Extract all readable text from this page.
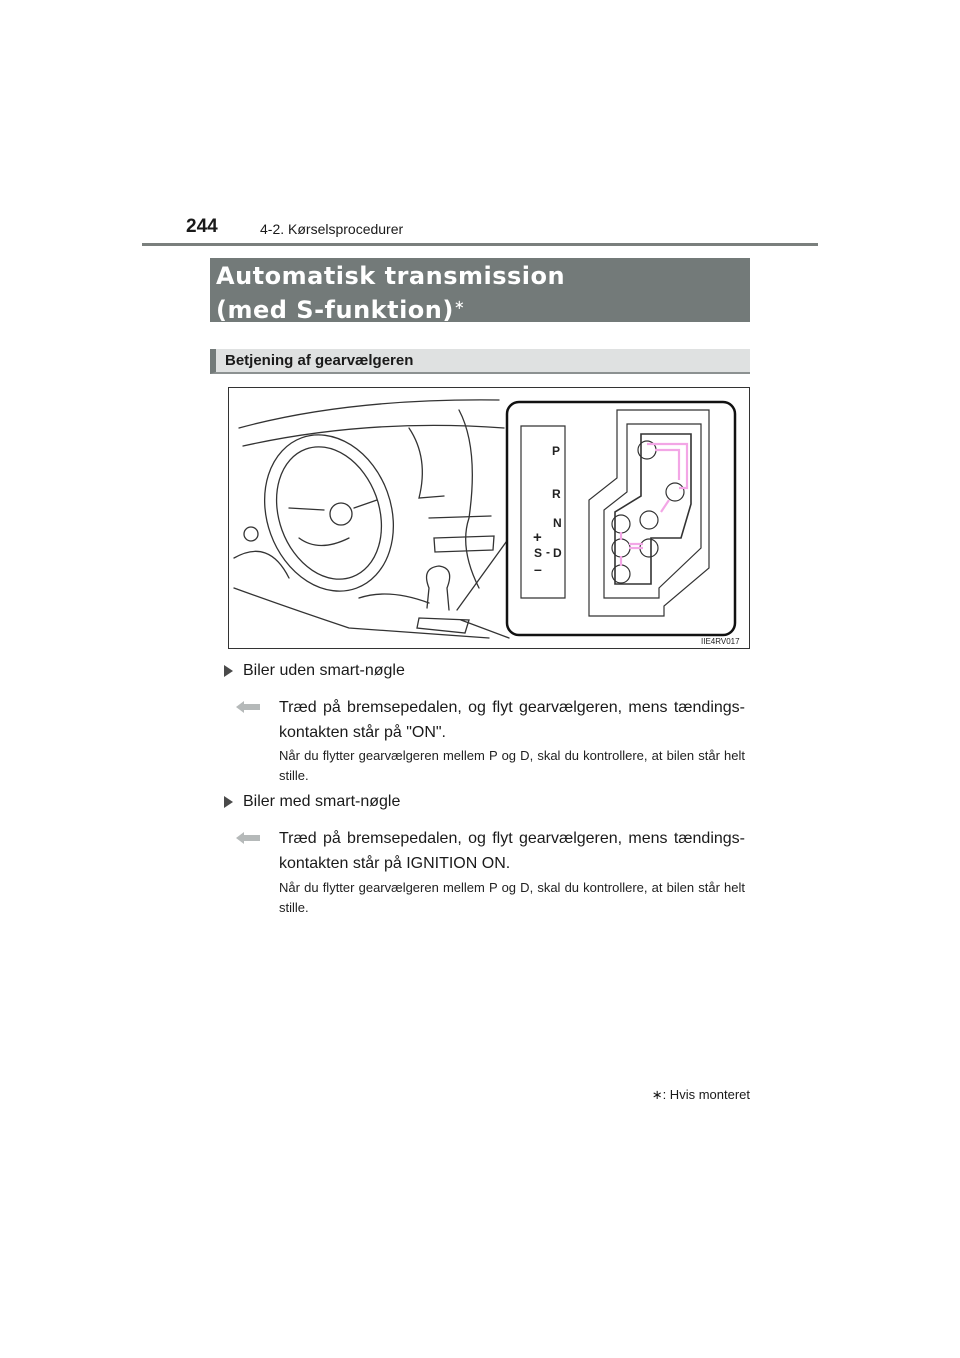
244	4-2. Kørselsprocedurer
Automatisk transmission
(med S-funktion)∗
Betjening af gearvælgeren
P
R
N
+
S - D
–
IIE4RV017
Biler uden smart-nøgle
Træd på bremsepedalen, og flyt gearvælgeren, mens tændings-kontakten står på "ON".
Når du flytter gearvælgeren mellem P og D, skal du kontrollere, at bilen står helt stille.
Biler med smart-nøgle
Træd på bremsepedalen, og flyt gearvælgeren, mens tændings-kontakten står på IGNITION ON.
Når du flytter gearvælgeren mellem P og D, skal du kontrollere, at bilen står helt stille.
∗: Hvis monteret
